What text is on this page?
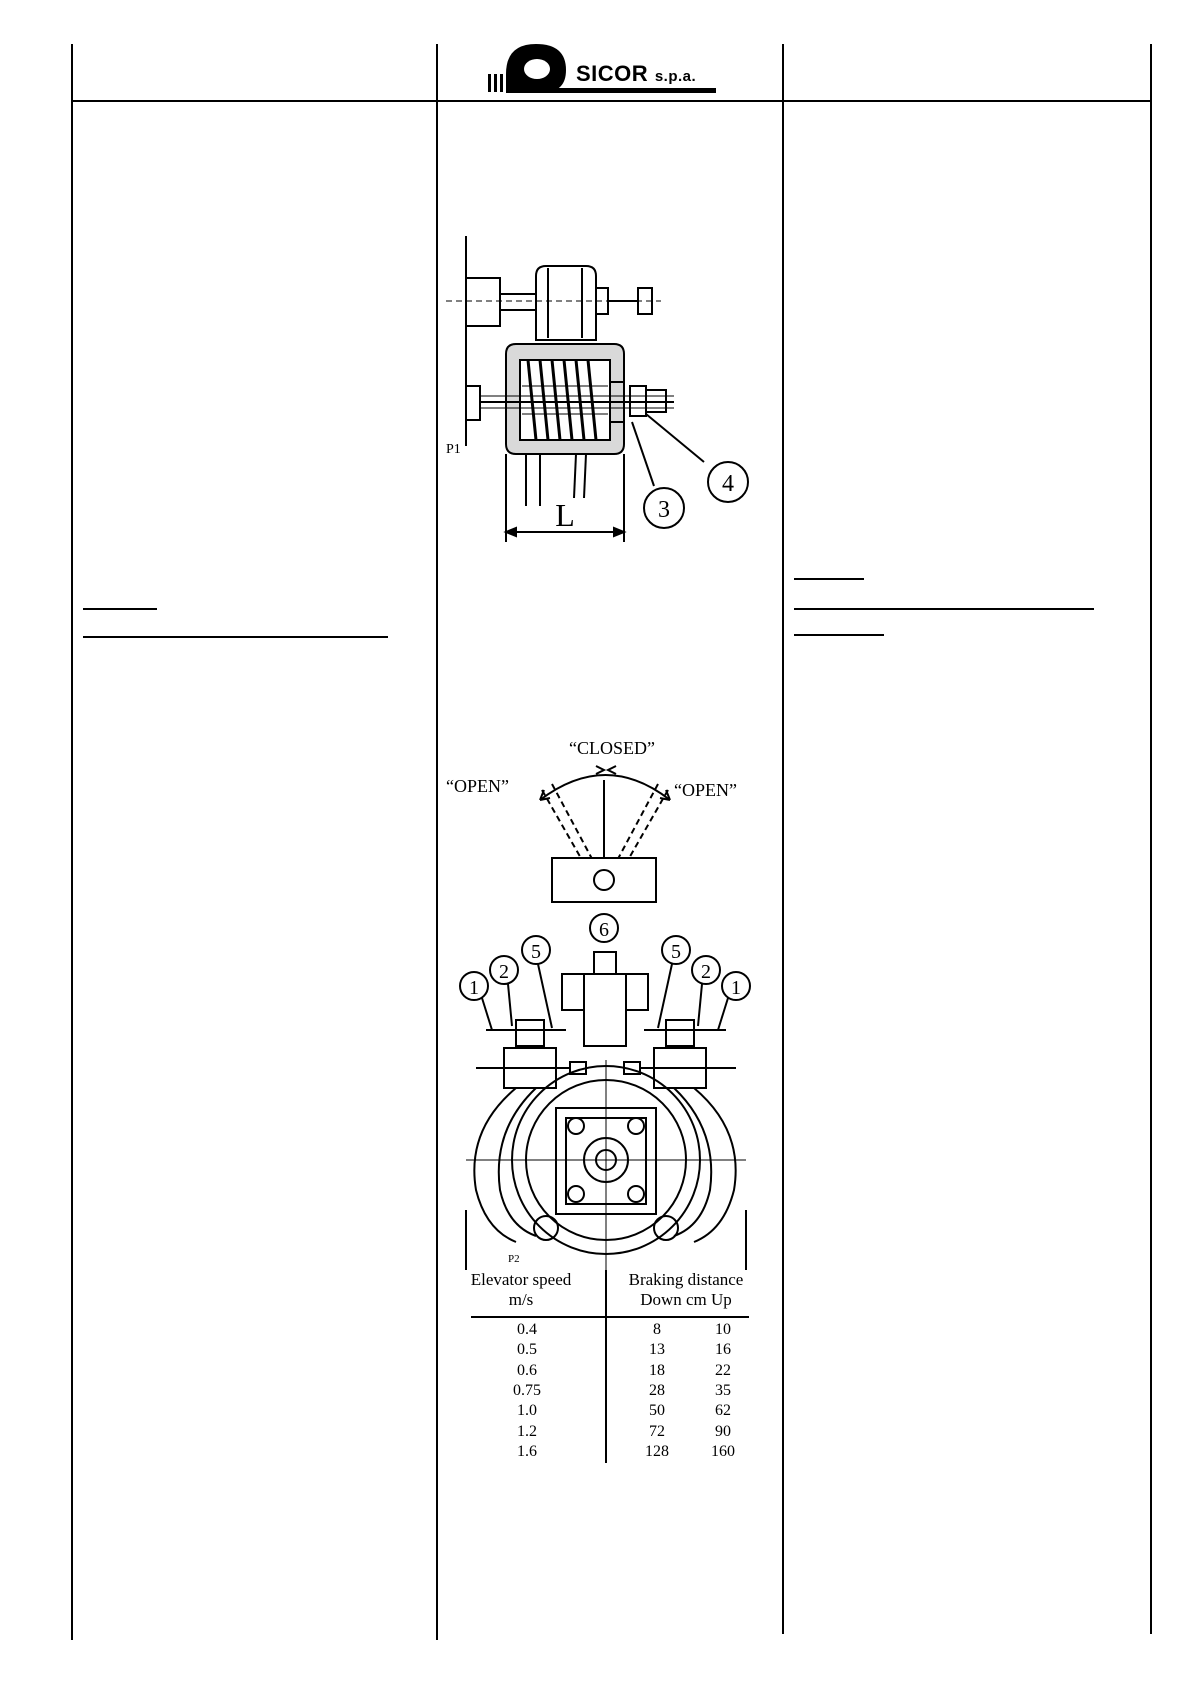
SICOR s.p.a.
P1
3
4
L
“CLOSED”
“OPEN”	“OPEN”
1
2
5
6
5
2
1
P2
Elevator speed
m/s
Braking distance
Down cm Up
0.4	8	10
0.5	13	16
0.6	18	22
0.75	28	35
1.0	50	62
1.2	72	90
1.6	128	160
